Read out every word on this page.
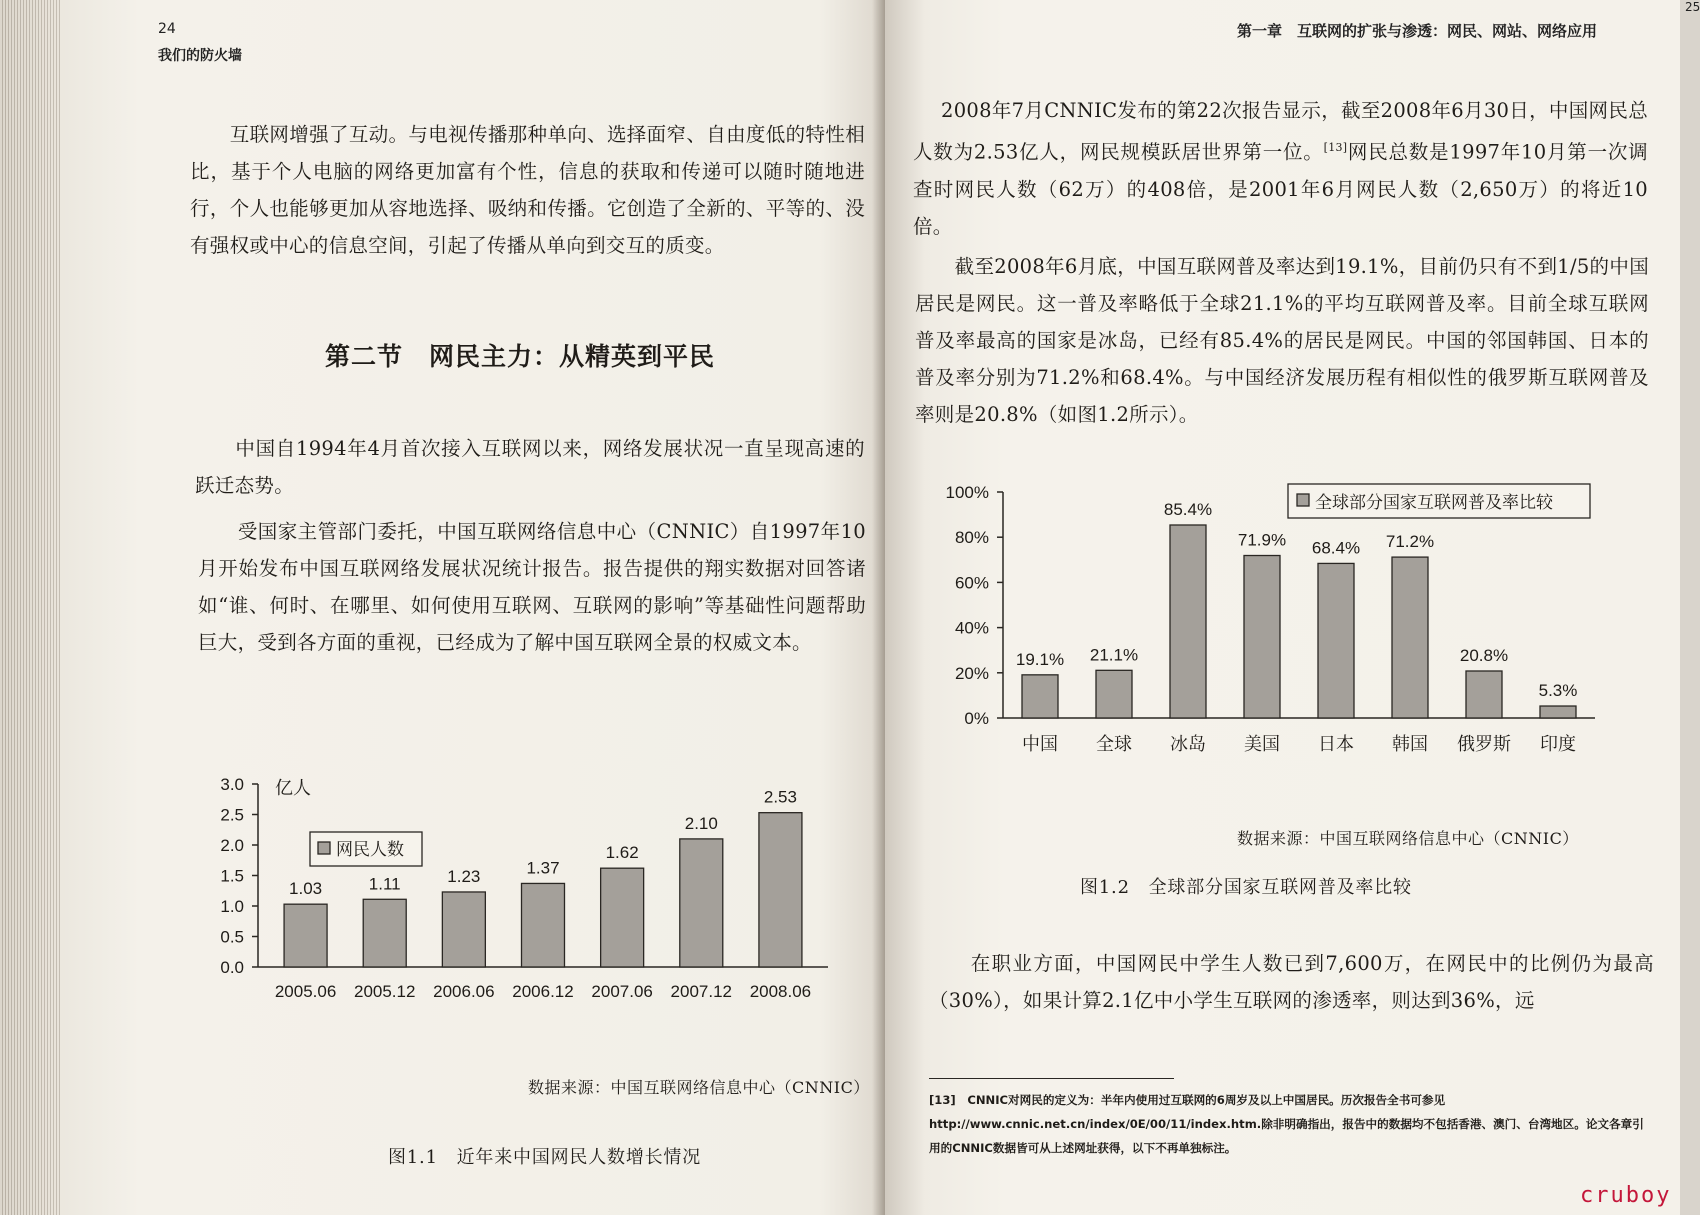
24
我们的防火墙

　　互联网增强了互动。与电视传播那种单向、选择面窄、自由度低的特性相比，基于个人电脑的网络更加富有个性，信息的获取和传递可以随时随地进行，个人也能够更加从容地选择、吸纳和传播。它创造了全新的、平等的、没有强权或中心的信息空间，引起了传播从单向到交互的质变。

第二节　网民主力：从精英到平民

　　中国自1994年4月首次接入互联网以来，网络发展状况一直呈现高速的跃迁态势。

　　受国家主管部门委托，中国互联网络信息中心（CNNIC）自1997年10月开始发布中国互联网络发展状况统计报告。报告提供的翔实数据对回答诸如“谁、何时、在哪里、如何使用互联网、互联网的影响”等基础性问题帮助巨大，受到各方面的重视，已经成为了解中国互联网全景的权威文本。

0.0
0.5
1.0
1.5
2.0
2.5
3.0
1.03
2005.06
1.11
2005.12
1.23
2006.06
1.37
2006.12
1.62
2007.06
2.10
2007.12
2.53
2008.06
网民人数
亿人
数据来源：中国互联网络信息中心（CNNIC）
图1.1　近年来中国网民人数增长情况
25
第一章　互联网的扩张与渗透：网民、网站、网络应用

2008年7月CNNIC发布的第22次报告显示，截至2008年6月30日，中国网民总人数为2.53亿人，网民规模跃居世界第一位。[13]网民总数是1997年10月第一次调查时网民人数（62万）的408倍，是2001年6月网民人数（2,650万）的将近10倍。

　　截至2008年6月底，中国互联网普及率达到19.1%，目前仍只有不到1/5的中国居民是网民。这一普及率略低于全球21.1%的平均互联网普及率。目前全球互联网普及率最高的国家是冰岛，已经有85.4%的居民是网民。中国的邻国韩国、日本的普及率分别为71.2%和68.4%。与中国经济发展历程有相似性的俄罗斯互联网普及率则是20.8%（如图1.2所示）。

0%
20%
40%
60%
80%
100%
19.1%
中国
21.1%
全球
85.4%
冰岛
71.9%
美国
68.4%
日本
71.2%
韩国
20.8%
俄罗斯
5.3%
印度
全球部分国家互联网普及率比较
数据来源：中国互联网络信息中心（CNNIC）
图1.2　全球部分国家互联网普及率比较

　　在职业方面，中国网民中学生人数已到7,600万，在网民中的比例仍为最高（30%），如果计算2.1亿中小学生互联网的渗透率，则达到36%，远

[13]　CNNIC对网民的定义为：半年内使用过互联网的6周岁及以上中国居民。历次报告全书可参见http://www.cnnic.net.cn/index/0E/00/11/index.htm.除非明确指出，报告中的数据均不包括香港、澳门、台湾地区。论文各章引用的CNNIC数据皆可从上述网址获得，以下不再单独标注。

cruboy
